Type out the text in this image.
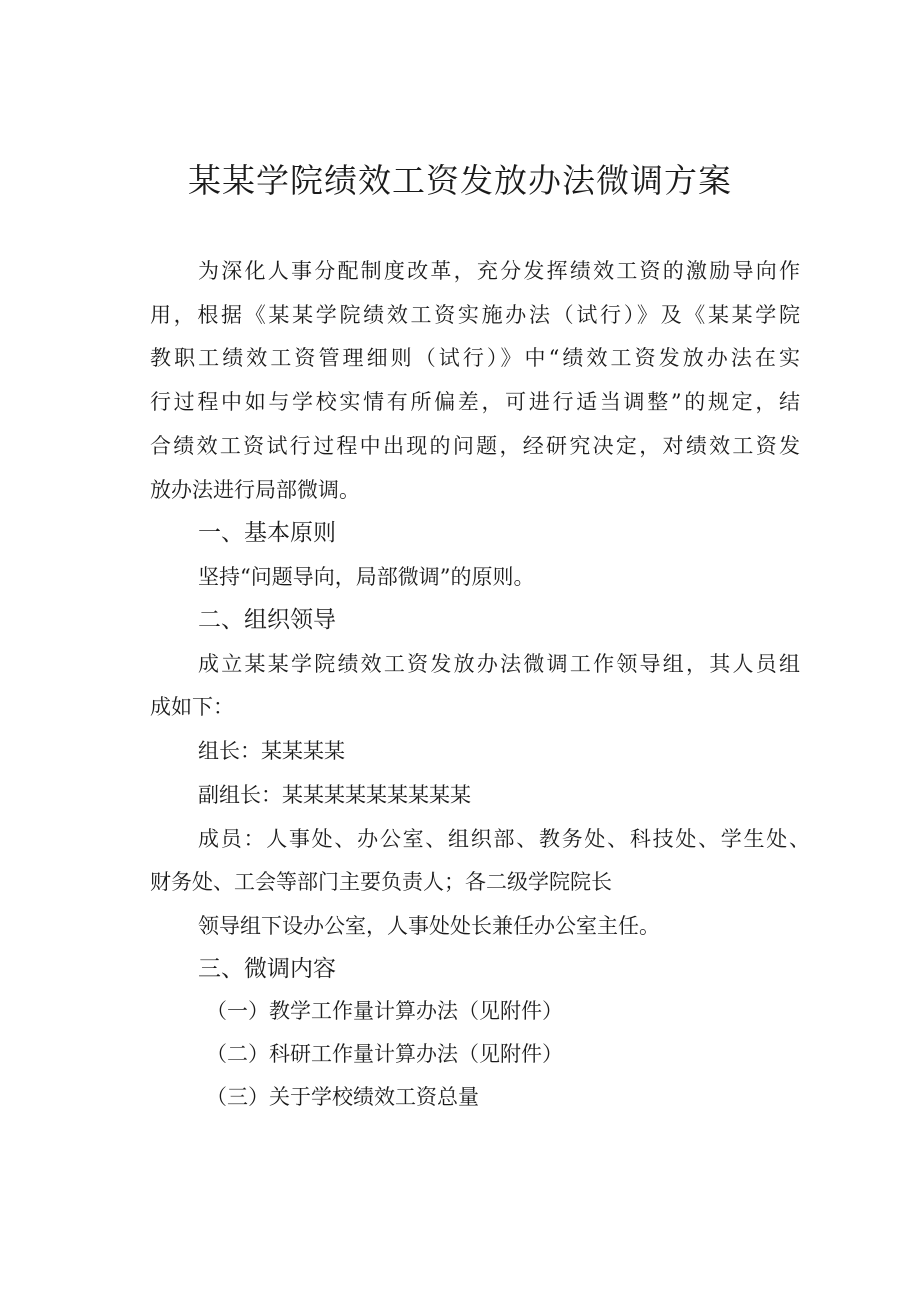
某某学院绩效工资发放办法微调方案
为深化人事分配制度改革，充分发挥绩效工资的激励导向作
用，根据《某某学院绩效工资实施办法（试行）》及《某某学院
教职工绩效工资管理细则（试行）》中“绩效工资发放办法在实
行过程中如与学校实情有所偏差，可进行适当调整”的规定，结
合绩效工资试行过程中出现的问题，经研究决定，对绩效工资发
放办法进行局部微调。
一、基本原则
坚持“问题导向，局部微调”的原则。
二、组织领导
成立某某学院绩效工资发放办法微调工作领导组，其人员组
成如下：
组长：某某某某
副组长：某某某某某某某某某
成员：人事处、办公室、组织部、教务处、科技处、学生处、
财务处、工会等部门主要负责人；各二级学院院长
领导组下设办公室，人事处处长兼任办公室主任。
三、微调内容
（一）教学工作量计算办法（见附件）
（二）科研工作量计算办法（见附件）
（三）关于学校绩效工资总量
